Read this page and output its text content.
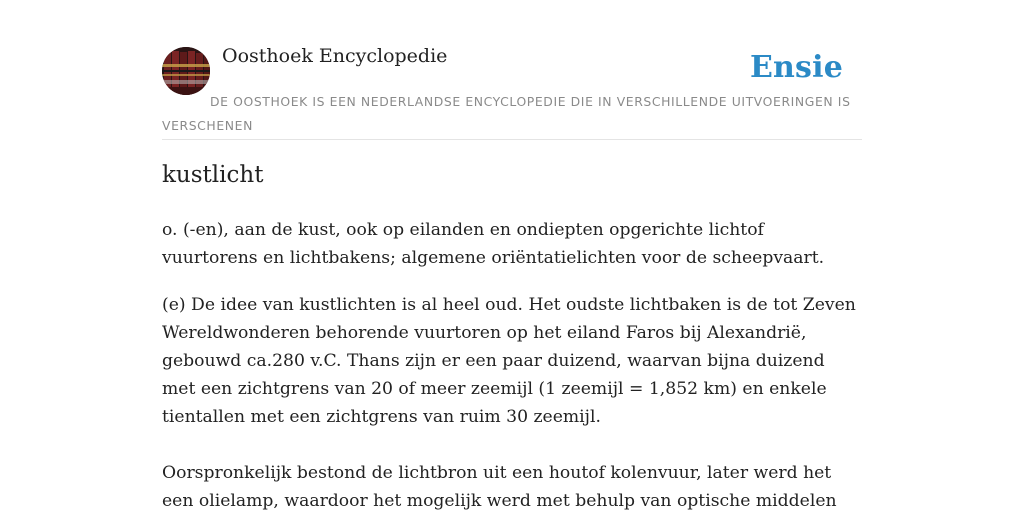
Oosthoek Encyclopedie	Ensie
DE OOSTHOEK IS EEN NEDERLANDSE ENCYCLOPEDIE DIE IN VERSCHILLENDE UITVOERINGEN IS VERSCHENEN
kustlicht

o. (-en), aan de kust, ook op eilanden en ondiepten opgerichte lichtof vuurtorens en lichtbakens; algemene oriëntatielichten voor de scheepvaart.

(e) De idee van kustlichten is al heel oud. Het oudste lichtbaken is de tot Zeven Wereldwonderen behorende vuurtoren op het eiland Faros bij Alexandrië, gebouwd ca.280 v.C. Thans zijn er een paar duizend, waarvan bijna duizend met een zichtgrens van 20 of meer zeemijl (1 zeemijl = 1,852 km) en enkele tientallen met een zichtgrens van ruim 30 zeemijl.

Oorspronkelijk bestond de lichtbron uit een houtof kolenvuur, later werd het een olielamp, waardoor het mogelijk werd met behulp van optische middelen
